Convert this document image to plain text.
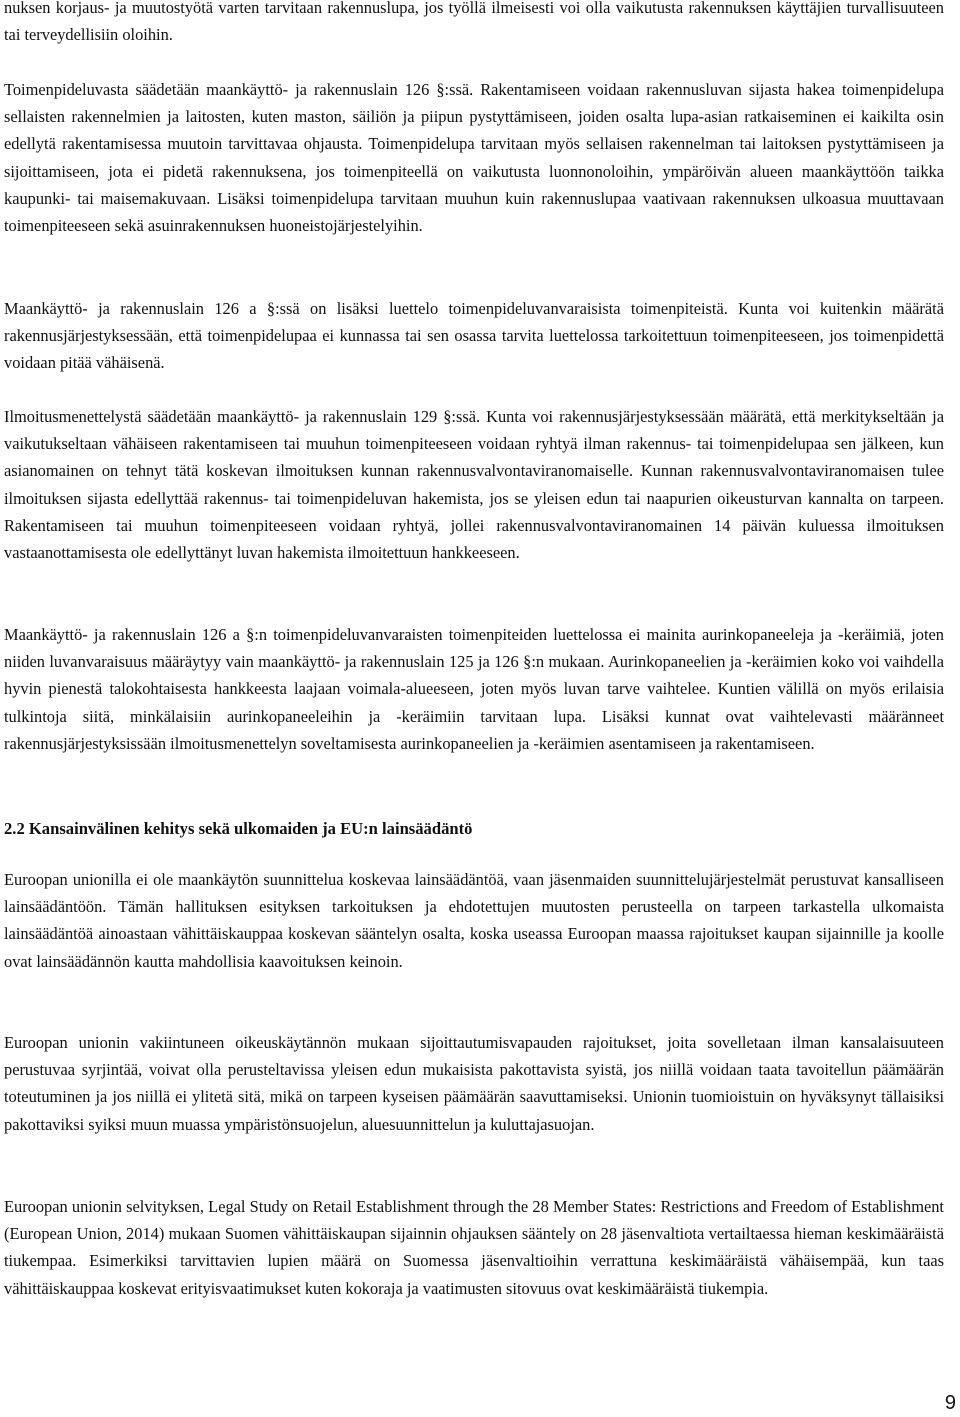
nuksen korjaus- ja muutostyötä varten tarvitaan rakennuslupa, jos työllä ilmeisesti voi olla vaikutusta rakennuksen käyttäjien turvallisuuteen tai terveydellisiin oloihin.

Toimenpideluvasta säädetään maankäyttö- ja rakennuslain 126 §:ssä. Rakentamiseen voidaan rakennusluvan sijasta hakea toimenpidelupa sellaisten rakennelmien ja laitosten, kuten maston, säiliön ja piipun pystyttämiseen, joiden osalta lupa-asian ratkaiseminen ei kaikilta osin edellytä rakentamisessa muutoin tarvittavaa ohjausta. Toimenpidelupa tarvitaan myös sellaisen rakennelman tai laitoksen pystyttämiseen ja sijoittamiseen, jota ei pidetä rakennuksena, jos toimenpiteellä on vaikutusta luonnonoloihin, ympäröivän alueen maankäyttöön taikka kaupunki- tai maisemakuvaan. Lisäksi toimenpidelupa tarvitaan muuhun kuin rakennuslupaa vaativaan rakennuksen ulkoasua muuttavaan toimenpiteeseen sekä asuinrakennuksen huoneistojärjestelyihin.

Maankäyttö- ja rakennuslain 126 a §:ssä on lisäksi luettelo toimenpideluvanvaraisista toimenpiteistä. Kunta voi kuitenkin määrätä rakennusjärjestyksessään, että toimenpidelupaa ei kunnassa tai sen osassa tarvita luettelossa tarkoitettuun toimenpiteeseen, jos toimenpidettä voidaan pitää vähäisenä.

Ilmoitusmenettelystä säädetään maankäyttö- ja rakennuslain 129 §:ssä. Kunta voi rakennusjärjestyksessään määrätä, että merkitykseltään ja vaikutukseltaan vähäiseen rakentamiseen tai muuhun toimenpiteeseen voidaan ryhtyä ilman rakennus- tai toimenpidelupaa sen jälkeen, kun asianomainen on tehnyt tätä koskevan ilmoituksen kunnan rakennusvalvontaviranomaiselle. Kunnan rakennusvalvontaviranomaisen tulee ilmoituksen sijasta edellyttää rakennus- tai toimenpideluvan hakemista, jos se yleisen edun tai naapurien oikeusturvan kannalta on tarpeen. Rakentamiseen tai muuhun toimenpiteeseen voidaan ryhtyä, jollei rakennusvalvontaviranomainen 14 päivän kuluessa ilmoituksen vastaanottamisesta ole edellyttänyt luvan hakemista ilmoitettuun hankkeeseen.

Maankäyttö- ja rakennuslain 126 a §:n toimenpideluvanvaraisten toimenpiteiden luettelossa ei mainita aurinkopaneeleja ja -keräimiä, joten niiden luvanvaraisuus määräytyy vain maankäyttö- ja rakennuslain 125 ja 126 §:n mukaan. Aurinkopaneelien ja -keräimien koko voi vaihdella hyvin pienestä talokohtaisesta hankkeesta laajaan voimala-alueeseen, joten myös luvan tarve vaihtelee. Kuntien välillä on myös erilaisia tulkintoja siitä, minkälaisiin aurinkopaneeleihin ja -keräimiin tarvitaan lupa. Lisäksi kunnat ovat vaihtelevasti määränneet rakennusjärjestyksissään ilmoitusmenettelyn soveltamisesta aurinkopaneelien ja -keräimien asentamiseen ja rakentamiseen.

2.2 Kansainvälinen kehitys sekä ulkomaiden ja EU:n lainsäädäntö

Euroopan unionilla ei ole maankäytön suunnittelua koskevaa lainsäädäntöä, vaan jäsenmaiden suunnittelujärjestelmät perustuvat kansalliseen lainsäädäntöön. Tämän hallituksen esityksen tarkoituksen ja ehdotettujen muutosten perusteella on tarpeen tarkastella ulkomaista lainsäädäntöä ainoastaan vähittäiskauppaa koskevan sääntelyn osalta, koska useassa Euroopan maassa rajoitukset kaupan sijainnille ja koolle ovat lainsäädännön kautta mahdollisia kaavoituksen keinoin.

Euroopan unionin vakiintuneen oikeuskäytännön mukaan sijoittautumisvapauden rajoitukset, joita sovelletaan ilman kansalaisuuteen perustuvaa syrjintää, voivat olla perusteltavissa yleisen edun mukaisista pakottavista syistä, jos niillä voidaan taata tavoitellun päämäärän toteutuminen ja jos niillä ei ylitetä sitä, mikä on tarpeen kyseisen päämäärän saavuttamiseksi. Unionin tuomioistuin on hyväksynyt tällaisiksi pakottaviksi syiksi muun muassa ympäristönsuojelun, aluesuunnittelun ja kuluttajasuojan.

Euroopan unionin selvityksen, Legal Study on Retail Establishment through the 28 Member States: Restrictions and Freedom of Establishment (European Union, 2014) mukaan Suomen vähittäiskaupan sijainnin ohjauksen sääntely on 28 jäsenvaltiota vertailtaessa hieman keskimääräistä tiukempaa. Esimerkiksi tarvittavien lupien määrä on Suomessa jäsenvaltioihin verrattuna keskimääräistä vähäisempää, kun taas vähittäiskauppaa koskevat erityisvaatimukset kuten kokoraja ja vaatimusten sitovuus ovat keskimääräistä tiukempia.

9
